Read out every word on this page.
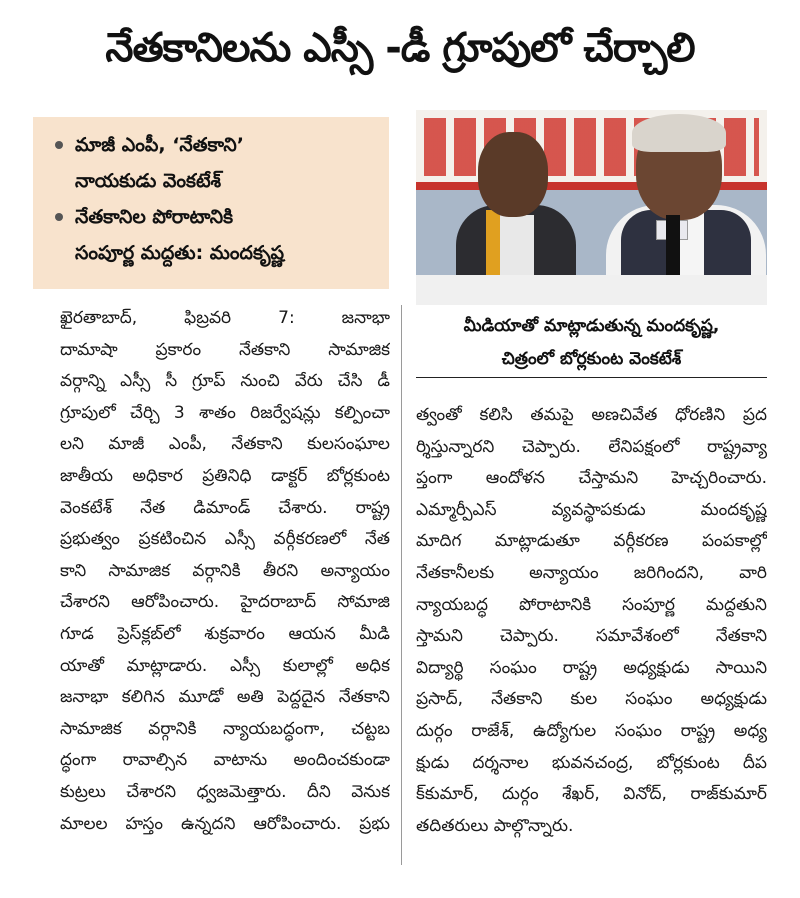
నేతకానిలను ఎస్సీ -డీ గ్రూపులో చేర్చాలి
మాజీ ఎంపీ, ‘నేతకాని’
నాయకుడు వెంకటేశ్
నేతకానిల పోరాటానికి
సంపూర్ణ మద్దతు: మందకృష్ణ
మీడియాతో మాట్లాడుతున్న మందకృష్ణ,
చిత్రంలో బోర్లకుంట వెంకటేశ్
ఖైరతాబాద్, ఫిబ్రవరి 7: జనాభా
దామాషా ప్రకారం నేతకాని సామాజిక
వర్గాన్ని ఎస్సీ సీ గ్రూప్ నుంచి వేరు చేసి డీ
గ్రూపులో చేర్చి 3 శాతం రిజర్వేషన్లు కల్పించా
లని మాజీ ఎంపీ, నేతకాని కులసంఘాల
జాతీయ అధికార ప్రతినిధి డాక్టర్ బోర్లకుంట
వెంకటేశ్ నేత డిమాండ్ చేశారు. రాష్ట్ర
ప్రభుత్వం ప్రకటించిన ఎస్సీ వర్గీకరణలో నేత
కాని సామాజిక వర్గానికి తీరని అన్యాయం
చేశారని ఆరోపించారు. హైదరాబాద్ సోమాజి
గూడ ప్రెస్‌క్లబ్‌లో శుక్రవారం ఆయన మీడి
యాతో మాట్లాడారు. ఎస్సీ కులాల్లో అధిక
జనాభా కలిగిన మూడో అతి పెద్దదైన నేతకాని
సామాజిక వర్గానికి న్యాయబద్ధంగా, చట్టబ
ద్ధంగా రావాల్సిన వాటాను అందించకుండా
కుట్రలు చేశారని ధ్వజమెత్తారు. దీని వెనుక
మాలల హస్తం ఉన్నదని ఆరోపించారు. ప్రభు
త్వంతో కలిసి తమపై అణచివేత ధోరణిని ప్రద
ర్శిస్తున్నారని చెప్పారు. లేనిపక్షంలో రాష్ట్రవ్యా
ప్తంగా ఆందోళన చేస్తామని హెచ్చరించారు.
ఎమ్మార్పీఎస్ వ్యవస్థాపకుడు మందకృష్ణ
మాదిగ మాట్లాడుతూ వర్గీకరణ పంపకాల్లో
నేతకానీలకు అన్యాయం జరిగిందని, వారి
న్యాయబద్ధ పోరాటానికి సంపూర్ణ మద్దతుని
స్తామని చెప్పారు. సమావేశంలో నేతకాని
విద్యార్థి సంఘం రాష్ట్ర అధ్యక్షుడు సాయిని
ప్రసాద్, నేతకాని కుల సంఘం అధ్యక్షుడు
దుర్గం రాజేశ్, ఉద్యోగుల సంఘం రాష్ట్ర అధ్య
క్షుడు దర్శనాల భువనచంద్ర, బోర్లకుంట దీప
క్‌కుమార్, దుర్గం శేఖర్, వినోద్, రాజ్‌కుమార్
తదితరులు పాల్గొన్నారు.
